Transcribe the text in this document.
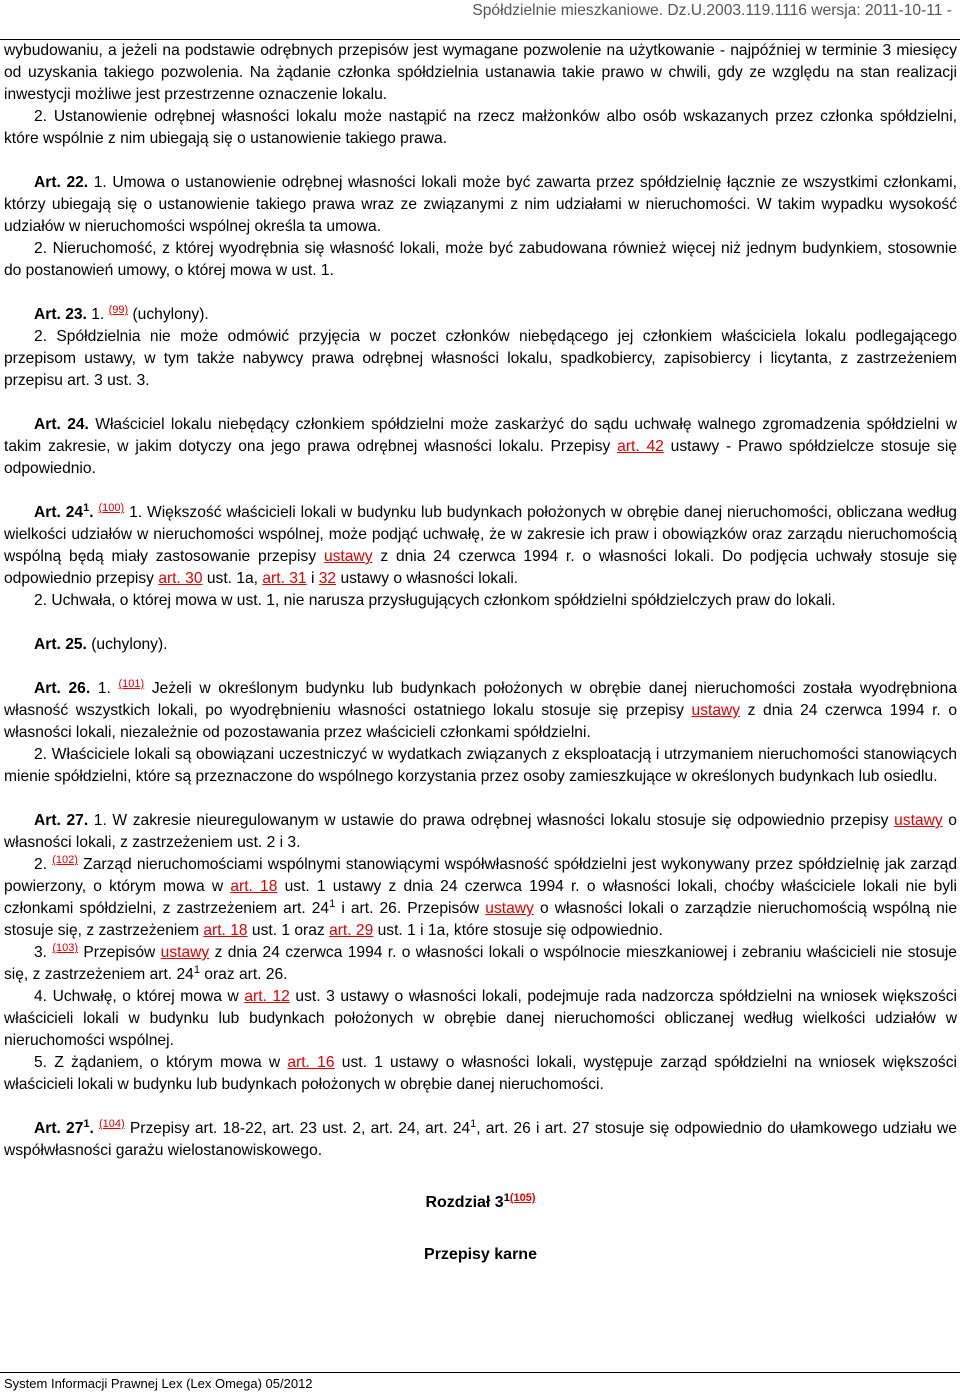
Spółdzielnie mieszkaniowe. Dz.U.2003.119.1116 wersja: 2011-10-11 -

wybudowaniu, a jeżeli na podstawie odrębnych przepisów jest wymagane pozwolenie na użytkowanie - najpóźniej w terminie 3 miesięcy od uzyskania takiego pozwolenia. Na żądanie członka spółdzielnia ustanawia takie prawo w chwili, gdy ze względu na stan realizacji inwestycji możliwe jest przestrzenne oznaczenie lokalu.

2. Ustanowienie odrębnej własności lokalu może nastąpić na rzecz małżonków albo osób wskazanych przez członka spółdzielni, które wspólnie z nim ubiegają się o ustanowienie takiego prawa.

Art. 22. 1. Umowa o ustanowienie odrębnej własności lokali może być zawarta przez spółdzielnię łącznie ze wszystkimi członkami, którzy ubiegają się o ustanowienie takiego prawa wraz ze związanymi z nim udziałami w nieruchomości. W takim wypadku wysokość udziałów w nieruchomości wspólnej określa ta umowa.

2. Nieruchomość, z której wyodrębnia się własność lokali, może być zabudowana również więcej niż jednym budynkiem, stosownie do postanowień umowy, o której mowa w ust. 1.

Art. 23. 1. $^{(99)}$ (uchylony).

2. Spółdzielnia nie może odmówić przyjęcia w poczet członków niebędącego jej członkiem właściciela lokalu podlegającego przepisom ustawy, w tym także nabywcy prawa odrębnej własności lokalu, spadkobiercy, zapisobiercy i licytanta, z zastrzeżeniem przepisu art. 3 ust. 3.

Art. 24. Właściciel lokalu niebędący członkiem spółdzielni może zaskarżyć do sądu uchwałę walnego zgromadzenia spółdzielni w takim zakresie, w jakim dotyczy ona jego prawa odrębnej własności lokalu. Przepisy art. 42 ustawy - Prawo spółdzielcze stosuje się odpowiednio.

Art. $24^1$. $^{(100)}$ 1. Większość właścicieli lokali w budynku lub budynkach położonych w obrębie danej nieruchomości, obliczana według wielkości udziałów w nieruchomości wspólnej, może podjąć uchwałę, że w zakresie ich praw i obowiązków oraz zarządu nieruchomością wspólną będą miały zastosowanie przepisy ustawy z dnia 24 czerwca 1994 r. o własności lokali. Do podjęcia uchwały stosuje się odpowiednio przepisy art. 30 ust. 1a, art. 31 i 32 ustawy o własności lokali.

2. Uchwała, o której mowa w ust. 1, nie narusza przysługujących członkom spółdzielni spółdzielczych praw do lokali.

Art. 25. (uchylony).

Art. 26. 1. $^{(101)}$ Jeżeli w określonym budynku lub budynkach położonych w obrębie danej nieruchomości została wyodrębniona własność wszystkich lokali, po wyodrębnieniu własności ostatniego lokalu stosuje się przepisy ustawy z dnia 24 czerwca 1994 r. o własności lokali, niezależnie od pozostawania przez właścicieli członkami spółdzielni.

2. Właściciele lokali są obowiązani uczestniczyć w wydatkach związanych z eksploatacją i utrzymaniem nieruchomości stanowiących mienie spółdzielni, które są przeznaczone do wspólnego korzystania przez osoby zamieszkujące w określonych budynkach lub osiedlu.

Art. 27. 1. W zakresie nieuregulowanym w ustawie do prawa odrębnej własności lokalu stosuje się odpowiednio przepisy ustawy o własności lokali, z zastrzeżeniem ust. 2 i 3.

2. $^{(102)}$ Zarząd nieruchomościami wspólnymi stanowiącymi współwłasność spółdzielni jest wykonywany przez spółdzielnię jak zarząd powierzony, o którym mowa w art. 18 ust. 1 ustawy z dnia 24 czerwca 1994 r. o własności lokali, choćby właściciele lokali nie byli członkami spółdzielni, z zastrzeżeniem art. $24^1$ i art. 26. Przepisów ustawy o własności lokali o zarządzie nieruchomością wspólną nie stosuje się, z zastrzeżeniem art. 18 ust. 1 oraz art. 29 ust. 1 i 1a, które stosuje się odpowiednio.

3. $^{(103)}$ Przepisów ustawy z dnia 24 czerwca 1994 r. o własności lokali o wspólnocie mieszkaniowej i zebraniu właścicieli nie stosuje się, z zastrzeżeniem art. $24^1$ oraz art. 26.

4. Uchwałę, o której mowa w art. 12 ust. 3 ustawy o własności lokali, podejmuje rada nadzorcza spółdzielni na wniosek większości właścicieli lokali w budynku lub budynkach położonych w obrębie danej nieruchomości obliczanej według wielkości udziałów w nieruchomości wspólnej.

5. Z żądaniem, o którym mowa w art. 16 ust. 1 ustawy o własności lokali, występuje zarząd spółdzielni na wniosek większości właścicieli lokali w budynku lub budynkach położonych w obrębie danej nieruchomości.

Art. $27^1$. $^{(104)}$ Przepisy art. 18-22, art. 23 ust. 2, art. 24, art. $24^1$, art. 26 i art. 27 stosuje się odpowiednio do ułamkowego udziału we współwłasności garażu wielostanowiskowego.

Rozdział 3$^{1(105)}$
Przepisy karne
System Informacji Prawnej Lex (Lex Omega) 05/2012
